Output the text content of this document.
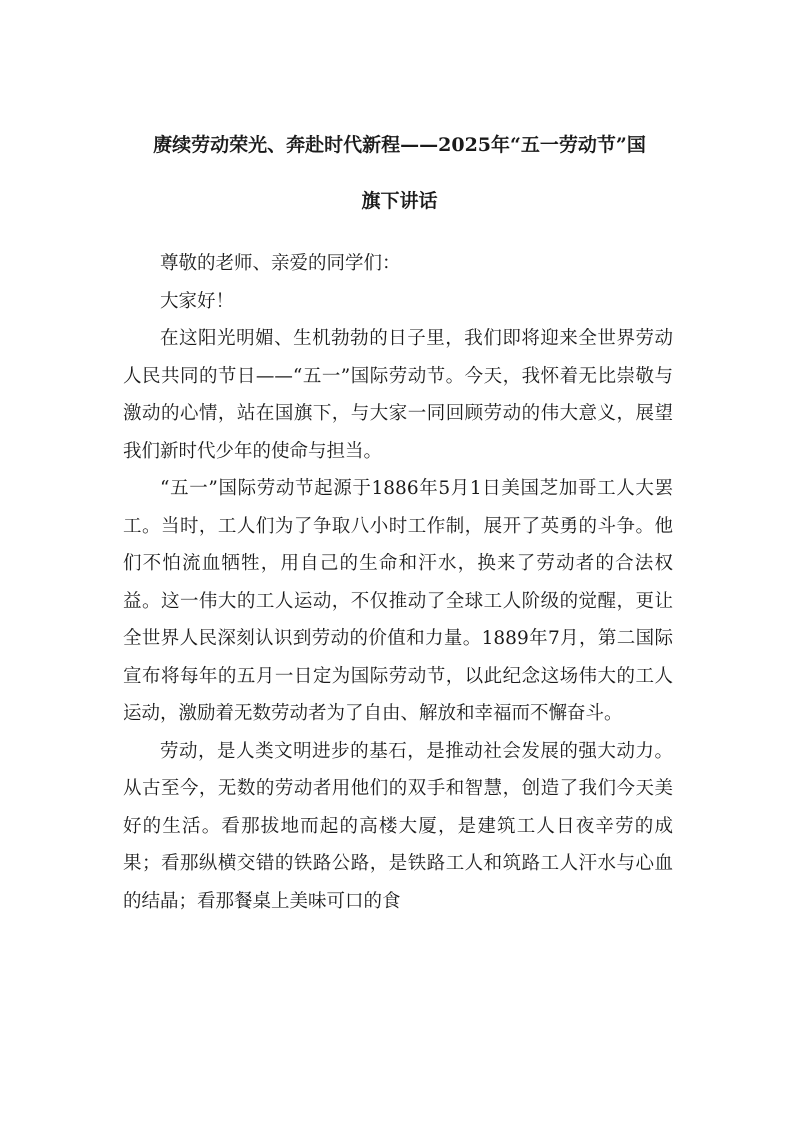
赓续劳动荣光、奔赴时代新程——2025年“五一劳动节”国
旗下讲话

尊敬的老师、亲爱的同学们：

大家好！

在这阳光明媚、生机勃勃的日子里，我们即将迎来全世界劳动人民共同的节日——“五一”国际劳动节。今天，我怀着无比崇敬与激动的心情，站在国旗下，与大家一同回顾劳动的伟大意义，展望我们新时代少年的使命与担当。

“五一”国际劳动节起源于1886年5月1日美国芝加哥工人大罢工。当时，工人们为了争取八小时工作制，展开了英勇的斗争。他们不怕流血牺牲，用自己的生命和汗水，换来了劳动者的合法权益。这一伟大的工人运动，不仅推动了全球工人阶级的觉醒，更让全世界人民深刻认识到劳动的价值和力量。1889年7月，第二国际宣布将每年的五月一日定为国际劳动节，以此纪念这场伟大的工人运动，激励着无数劳动者为了自由、解放和幸福而不懈奋斗。

劳动，是人类文明进步的基石，是推动社会发展的强大动力。从古至今，无数的劳动者用他们的双手和智慧，创造了我们今天美好的生活。看那拔地而起的高楼大厦，是建筑工人日夜辛劳的成果；看那纵横交错的铁路公路，是铁路工人和筑路工人汗水与心血的结晶；看那餐桌上美味可口的食
